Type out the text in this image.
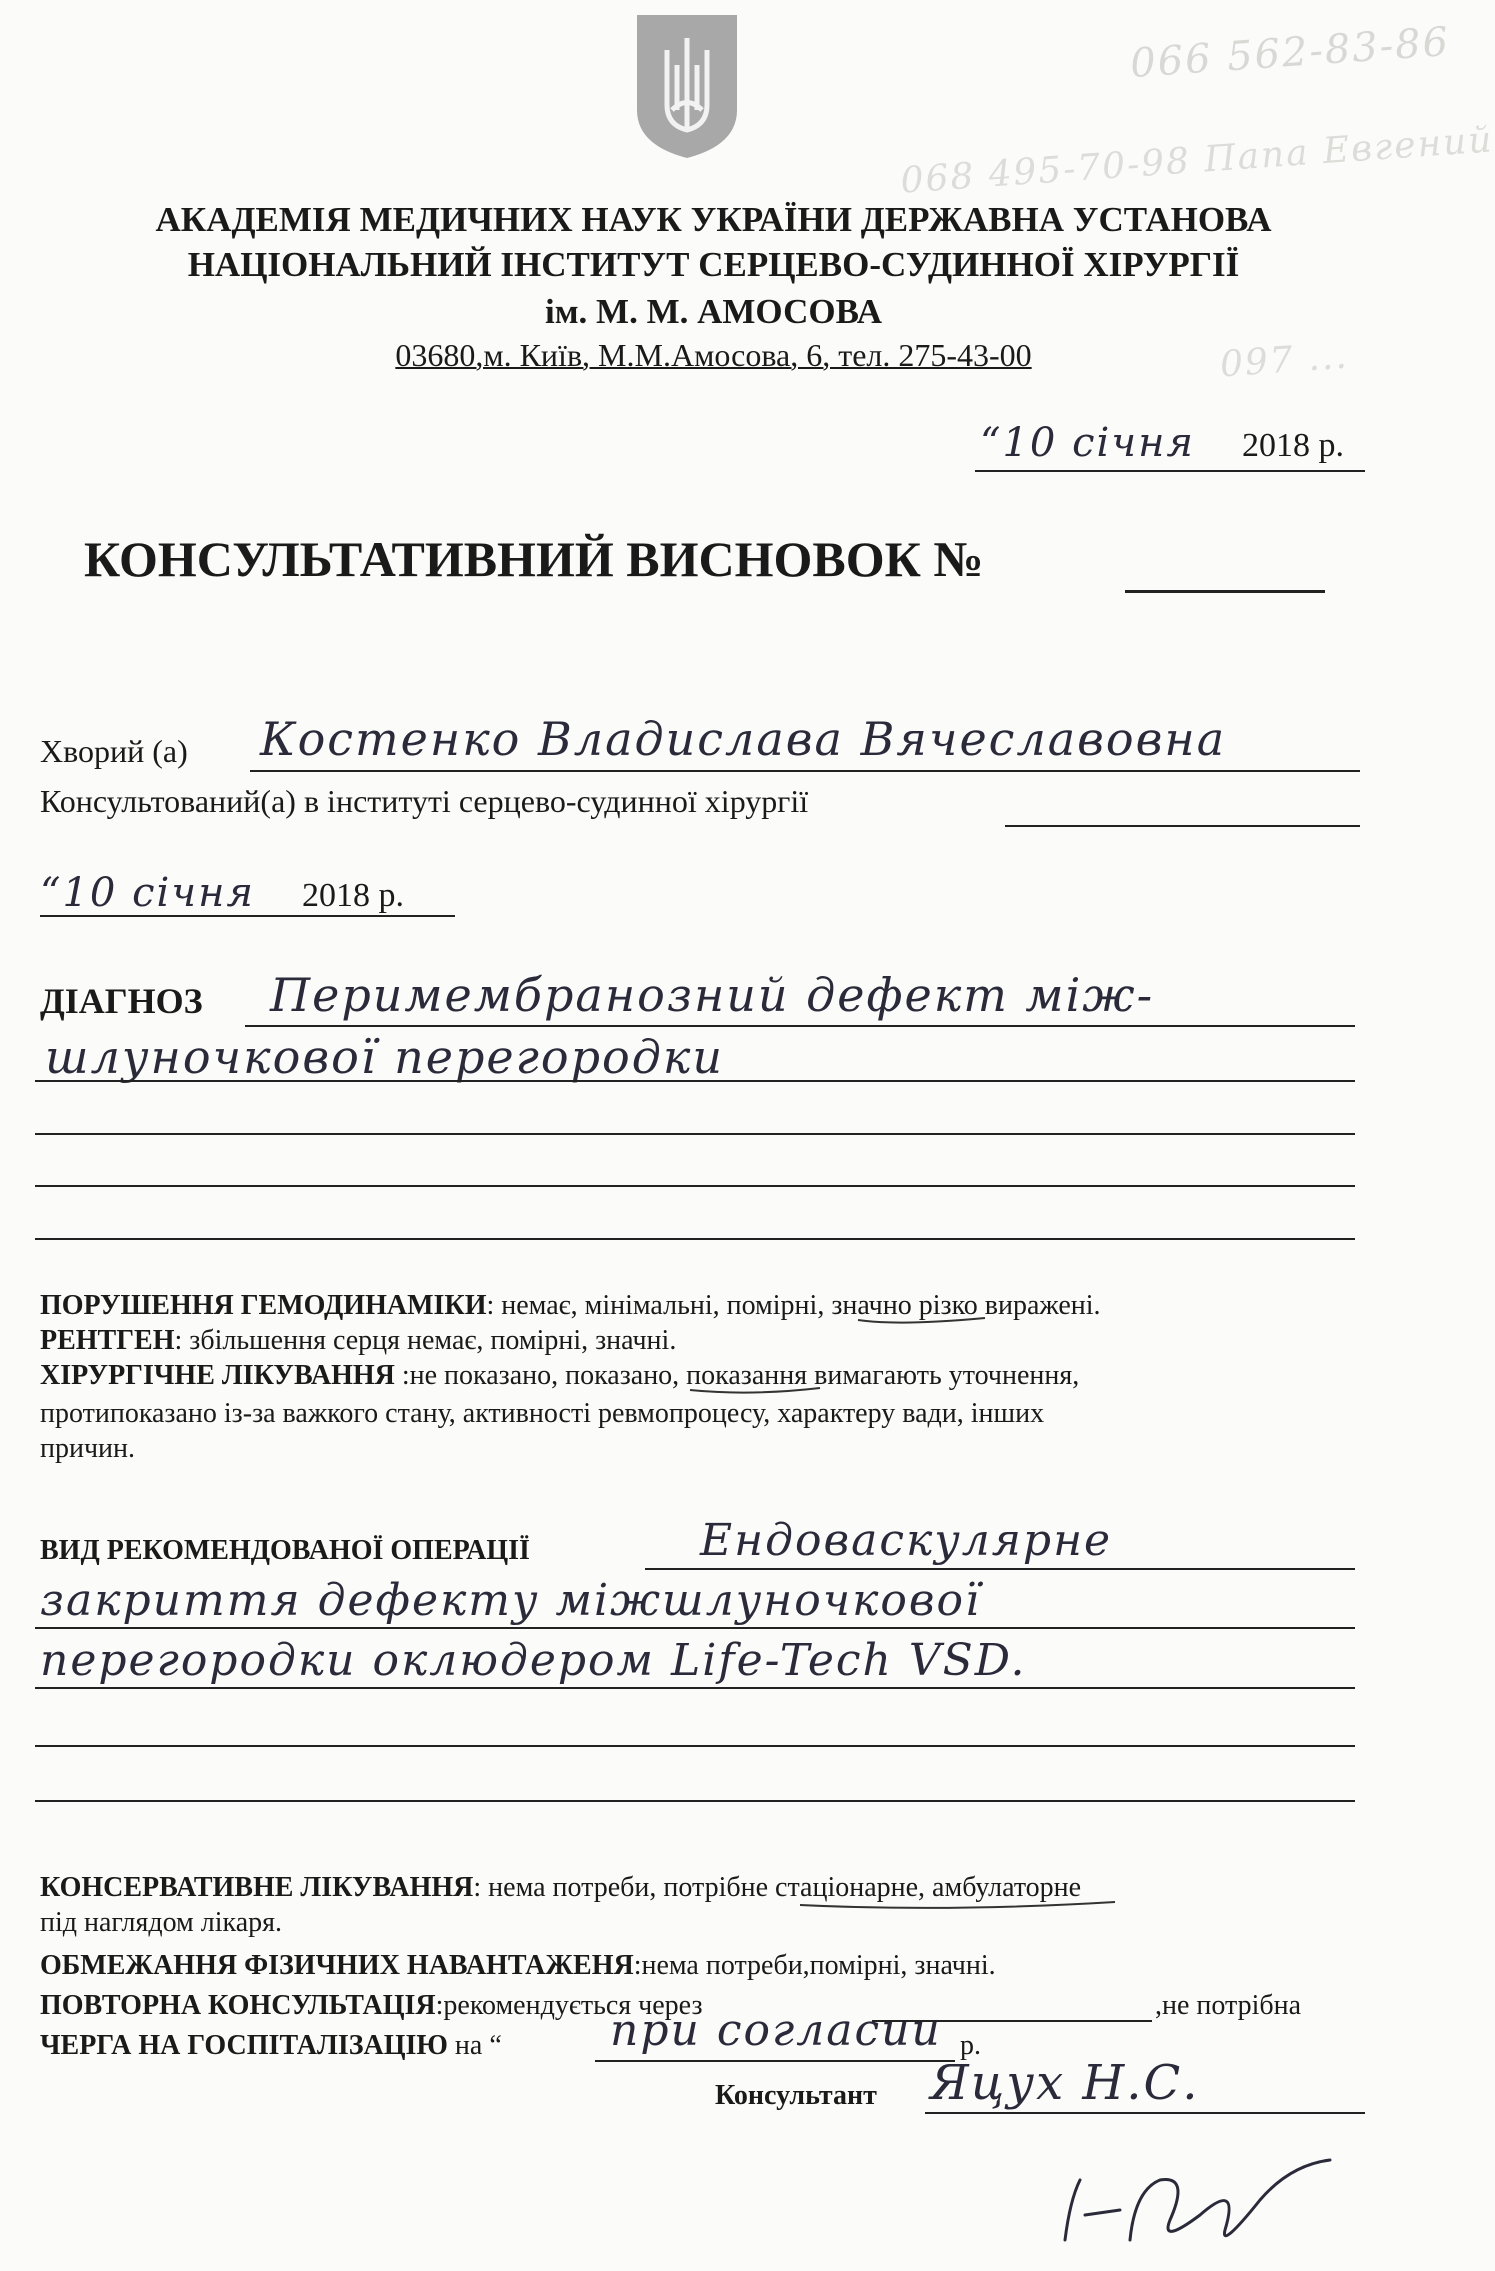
066 562-83-86
068 495-70-98 Папа Евгений
097 ...
АКАДЕМІЯ МЕДИЧНИХ НАУК УКРАЇНИ ДЕРЖАВНА УСТАНОВА
НАЦІОНАЛЬНИЙ ІНСТИТУТ СЕРЦЕВО-СУДИННОЇ ХІРУРГІЇ
ім. М. М. АМОСОВА
03680,м. Київ, М.М.Амосова, 6, тел. 275-43-00
“10 січня 2018 р.
КОНСУЛЬТАТИВНИЙ ВИСНОВОК №
Хворий (а) Костенко Владислава Вячеславовна
Консультований(а) в інституті серцево-судинної хірургії
“10 січня 2018 р.
ДІАГНОЗ Перимембранозний дефект між-
шлуночкової перегородки
ПОРУШЕННЯ ГЕМОДИНАМІКИ: немає, мінімальні, помірні, значно різко виражені.
РЕНТГЕН: збільшення серця немає, помірні, значні.
ХІРУРГІЧНЕ ЛІКУВАННЯ :не показано, показано, показання вимагають уточнення,
протипоказано із-за важкого стану, активності ревмопроцесу, характеру вади, інших
причин.
ВИД РЕКОМЕНДОВАНОЇ ОПЕРАЦІЇ	Ендоваскулярне
закриття дефекту міжшлуночкової
перегородки оклюдером Life-Tech VSD.
КОНСЕРВАТИВНЕ ЛІКУВАННЯ: нема потреби, потрібне стаціонарне, амбулаторне
під наглядом лікаря.
ОБМЕЖАННЯ ФІЗИЧНИХ НАВАНТАЖЕНЯ:нема потреби,помірні, значні.
ПОВТОРНА КОНСУЛЬТАЦІЯ:рекомендується через	,не потрібна
ЧЕРГА НА ГОСПІТАЛІЗАЦІЮ на “ при согласии р.
Консультант Яцух Н.С.
